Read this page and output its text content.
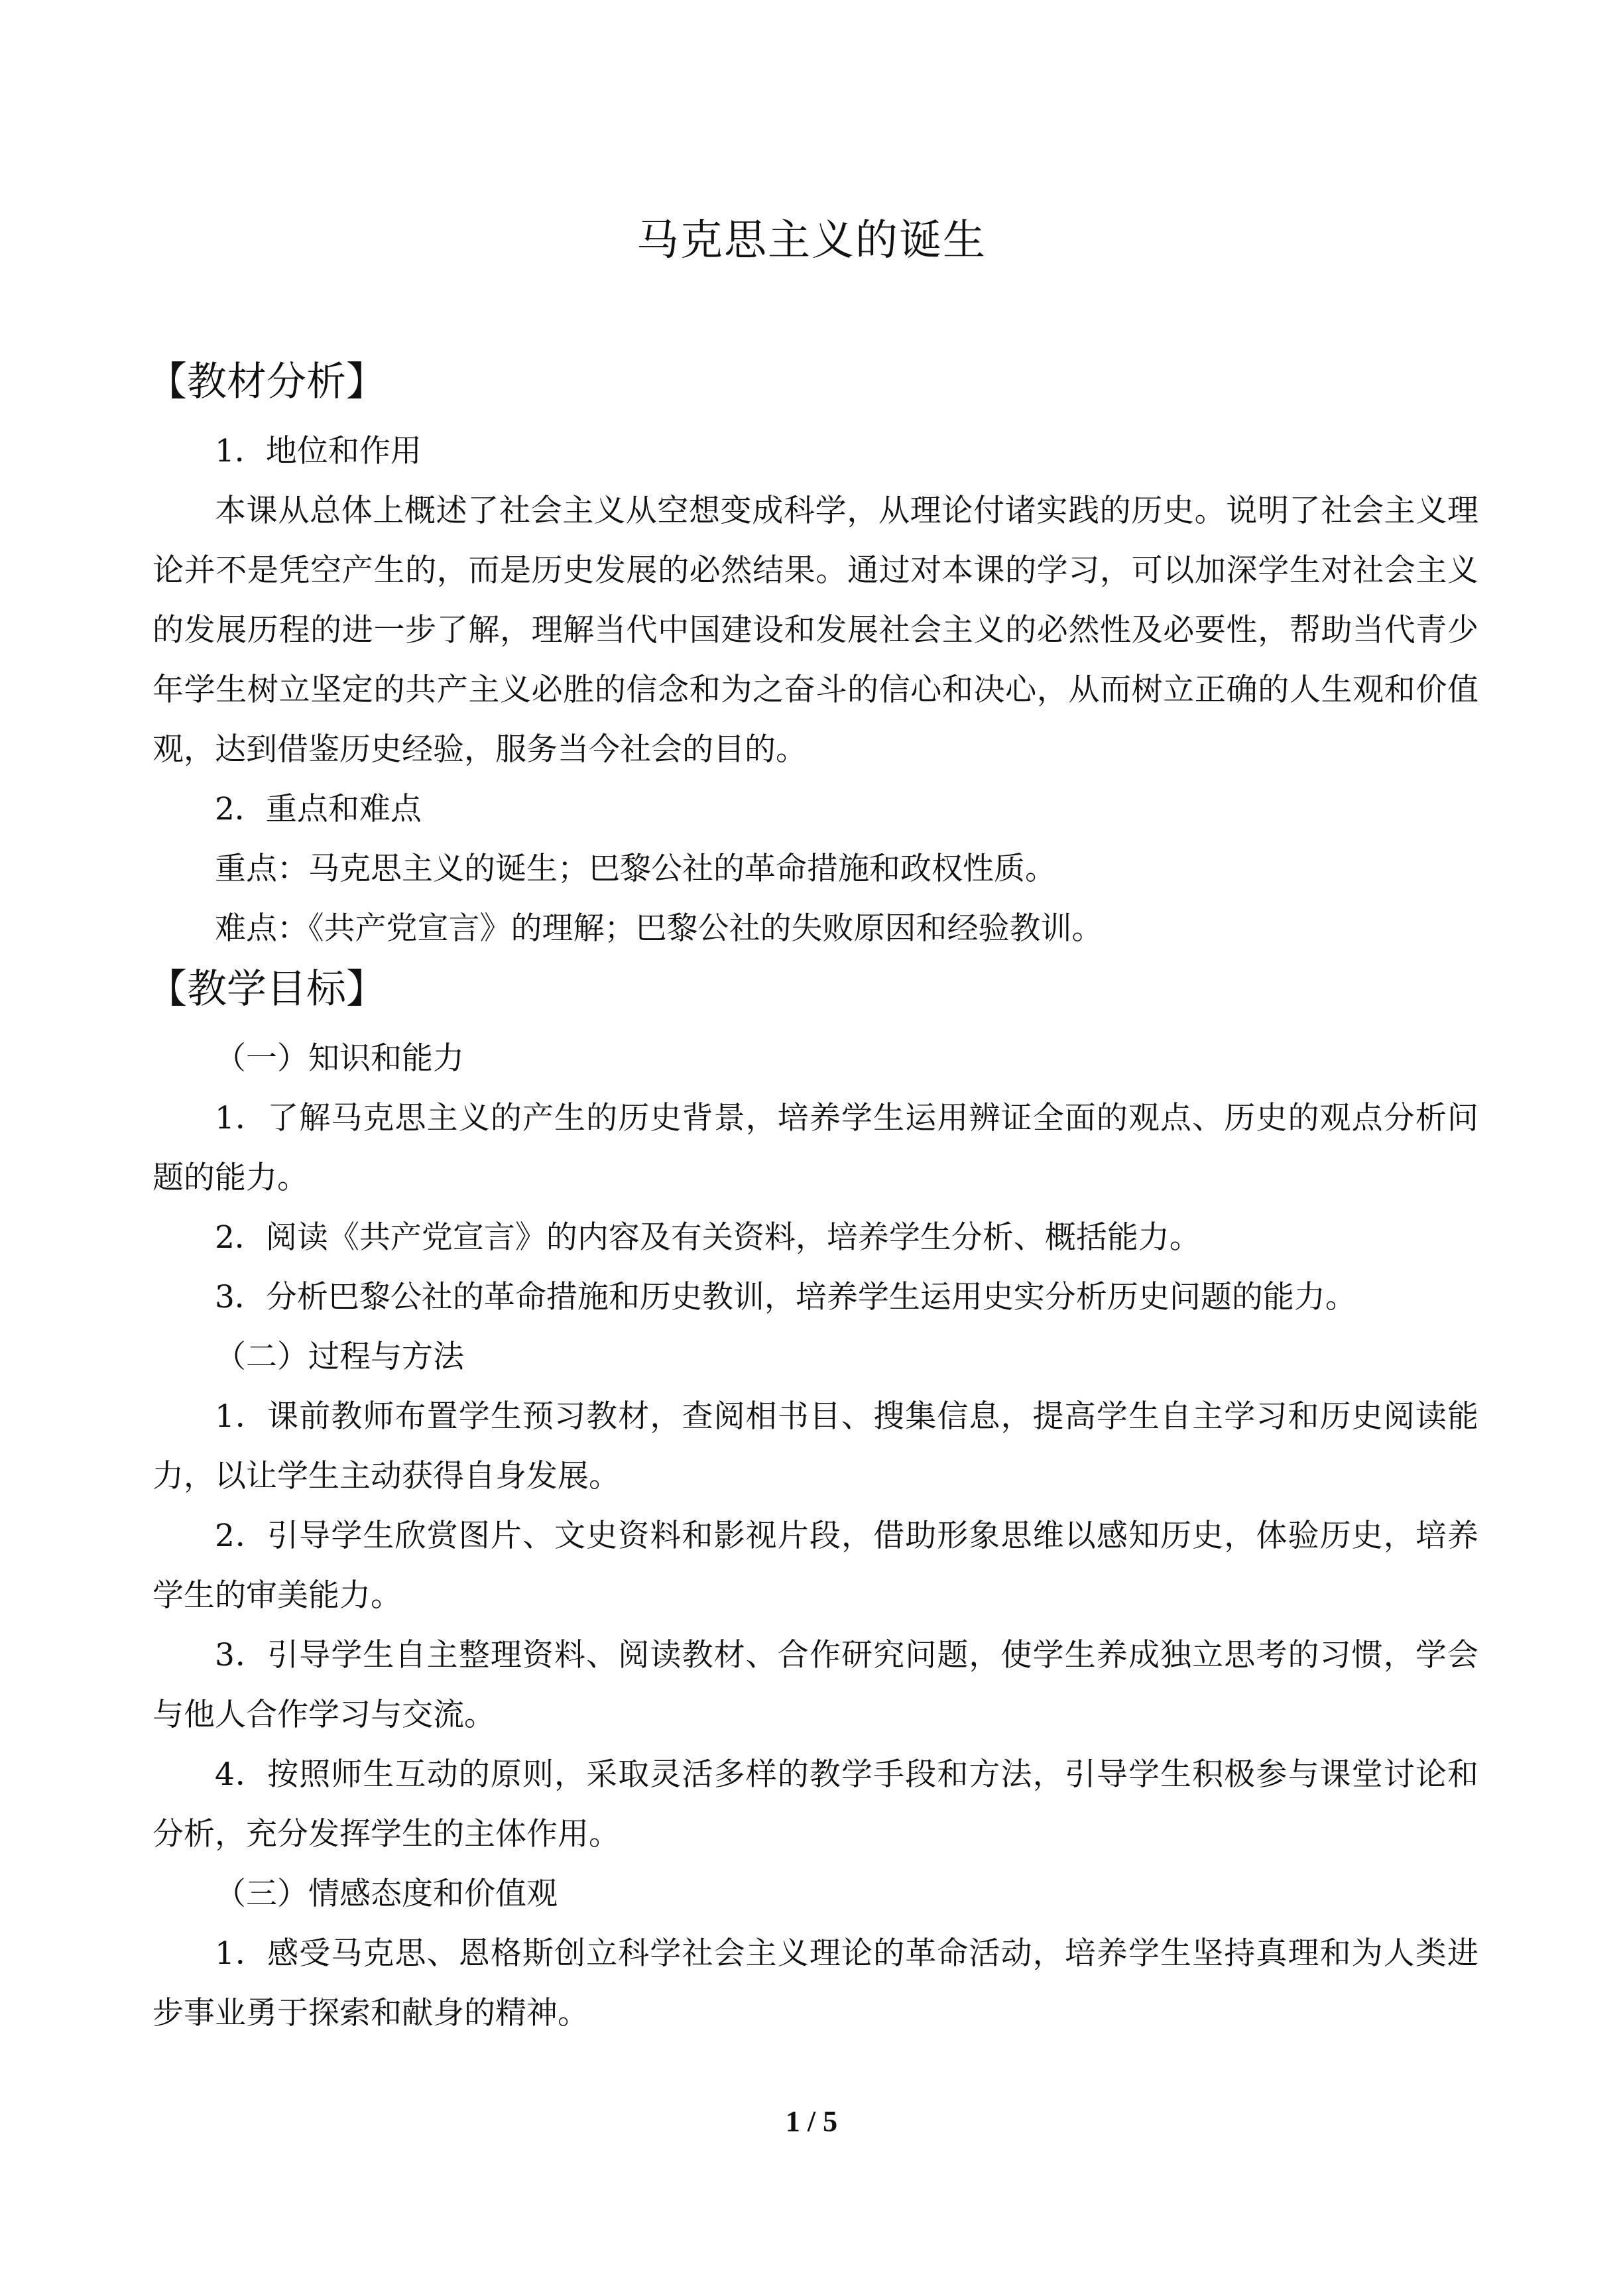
马克思主义的诞生
【教材分析】

1．地位和作用

本课从总体上概述了社会主义从空想变成科学，从理论付诸实践的历史。说明了社会主义理论并不是凭空产生的，而是历史发展的必然结果。通过对本课的学习，可以加深学生对社会主义的发展历程的进一步了解，理解当代中国建设和发展社会主义的必然性及必要性，帮助当代青少年学生树立坚定的共产主义必胜的信念和为之奋斗的信心和决心，从而树立正确的人生观和价值观，达到借鉴历史经验，服务当今社会的目的。

2．重点和难点

重点：马克思主义的诞生；巴黎公社的革命措施和政权性质。

难点：《共产党宣言》的理解；巴黎公社的失败原因和经验教训。

【教学目标】

（一）知识和能力

1．了解马克思主义的产生的历史背景，培养学生运用辨证全面的观点、历史的观点分析问题的能力。

2．阅读《共产党宣言》的内容及有关资料，培养学生分析、概括能力。

3．分析巴黎公社的革命措施和历史教训，培养学生运用史实分析历史问题的能力。

（二）过程与方法

1．课前教师布置学生预习教材，查阅相书目、搜集信息，提高学生自主学习和历史阅读能力，以让学生主动获得自身发展。

2．引导学生欣赏图片、文史资料和影视片段，借助形象思维以感知历史，体验历史，培养学生的审美能力。

3．引导学生自主整理资料、阅读教材、合作研究问题，使学生养成独立思考的习惯，学会与他人合作学习与交流。

4．按照师生互动的原则，采取灵活多样的教学手段和方法，引导学生积极参与课堂讨论和分析，充分发挥学生的主体作用。

（三）情感态度和价值观

1．感受马克思、恩格斯创立科学社会主义理论的革命活动，培养学生坚持真理和为人类进步事业勇于探索和献身的精神。

1 / 5
